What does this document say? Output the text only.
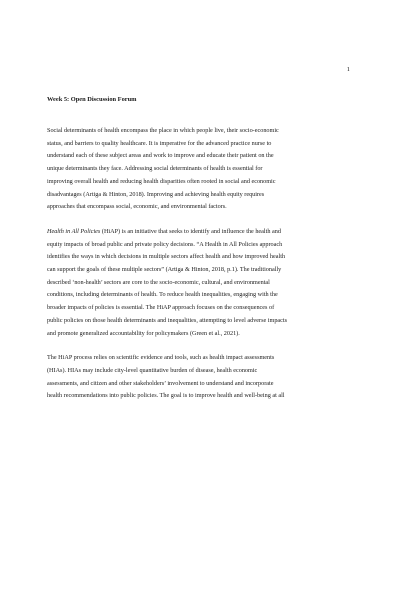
1
Week 5: Open Discussion Forum
Social determinants of health encompass the place in which people live, their socio-economic
status, and barriers to quality healthcare. It is imperative for the advanced practice nurse to
understand each of these subject areas and work to improve and educate their patient on the
unique determinants they face. Addressing social determinants of health is essential for
improving overall health and reducing health disparities often rooted in social and economic
disadvantages (Artiga & Hinton, 2018). Improving and achieving health equity requires
approaches that encompass social, economic, and environmental factors.
Health in All Policies (HiAP) is an initiative that seeks to identify and influence the health and
equity impacts of broad public and private policy decisions. “A Health in All Policies approach
identifies the ways in which decisions in multiple sectors affect health and how improved health
can support the goals of these multiple sectors” (Artiga & Hinton, 2018, p.1). The traditionally
described ‘non-health’ sectors are core to the socio-economic, cultural, and environmental
conditions, including determinants of health. To reduce health inequalities, engaging with the
broader impacts of policies is essential. The HiAP approach focuses on the consequences of
public policies on those health determinants and inequalities, attempting to level adverse impacts
and promote generalized accountability for policymakers (Green et al., 2021).
The HiAP process relies on scientific evidence and tools, such as health impact assessments
(HIAs). HIAs may include city-level quantitative burden of disease, health economic
assessments, and citizen and other stakeholders’ involvement to understand and incorporate
health recommendations into public policies. The goal is to improve health and well-being at all
